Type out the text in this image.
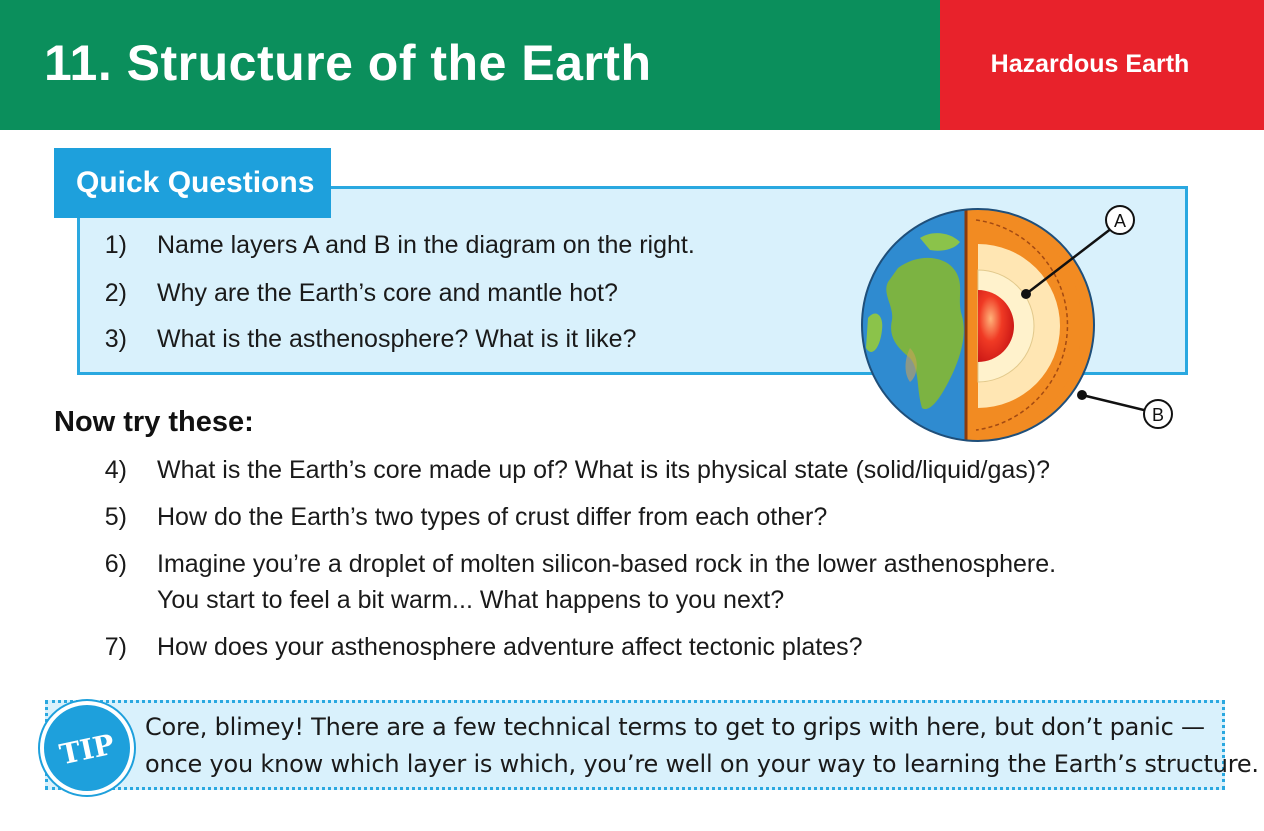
11. Structure of the Earth	Hazardous Earth
Quick Questions
1) Name layers A and B in the diagram on the right.
2) Why are the Earth’s core and mantle hot?
3) What is the asthenosphere? What is it like?
Now try these:
4) What is the Earth’s core made up of? What is its physical state (solid/liquid/gas)?
5) How do the Earth’s two types of crust differ from each other?
6) Imagine you’re a droplet of molten silicon-based rock in the lower asthenosphere.
You start to feel a bit warm... What happens to you next?
7) How does your asthenosphere adventure affect tectonic plates?
A
B
Core, blimey! There are a few technical terms to get to grips with here, but don’t panic —
once you know which layer is which, you’re well on your way to learning the Earth’s structure.
TIP
